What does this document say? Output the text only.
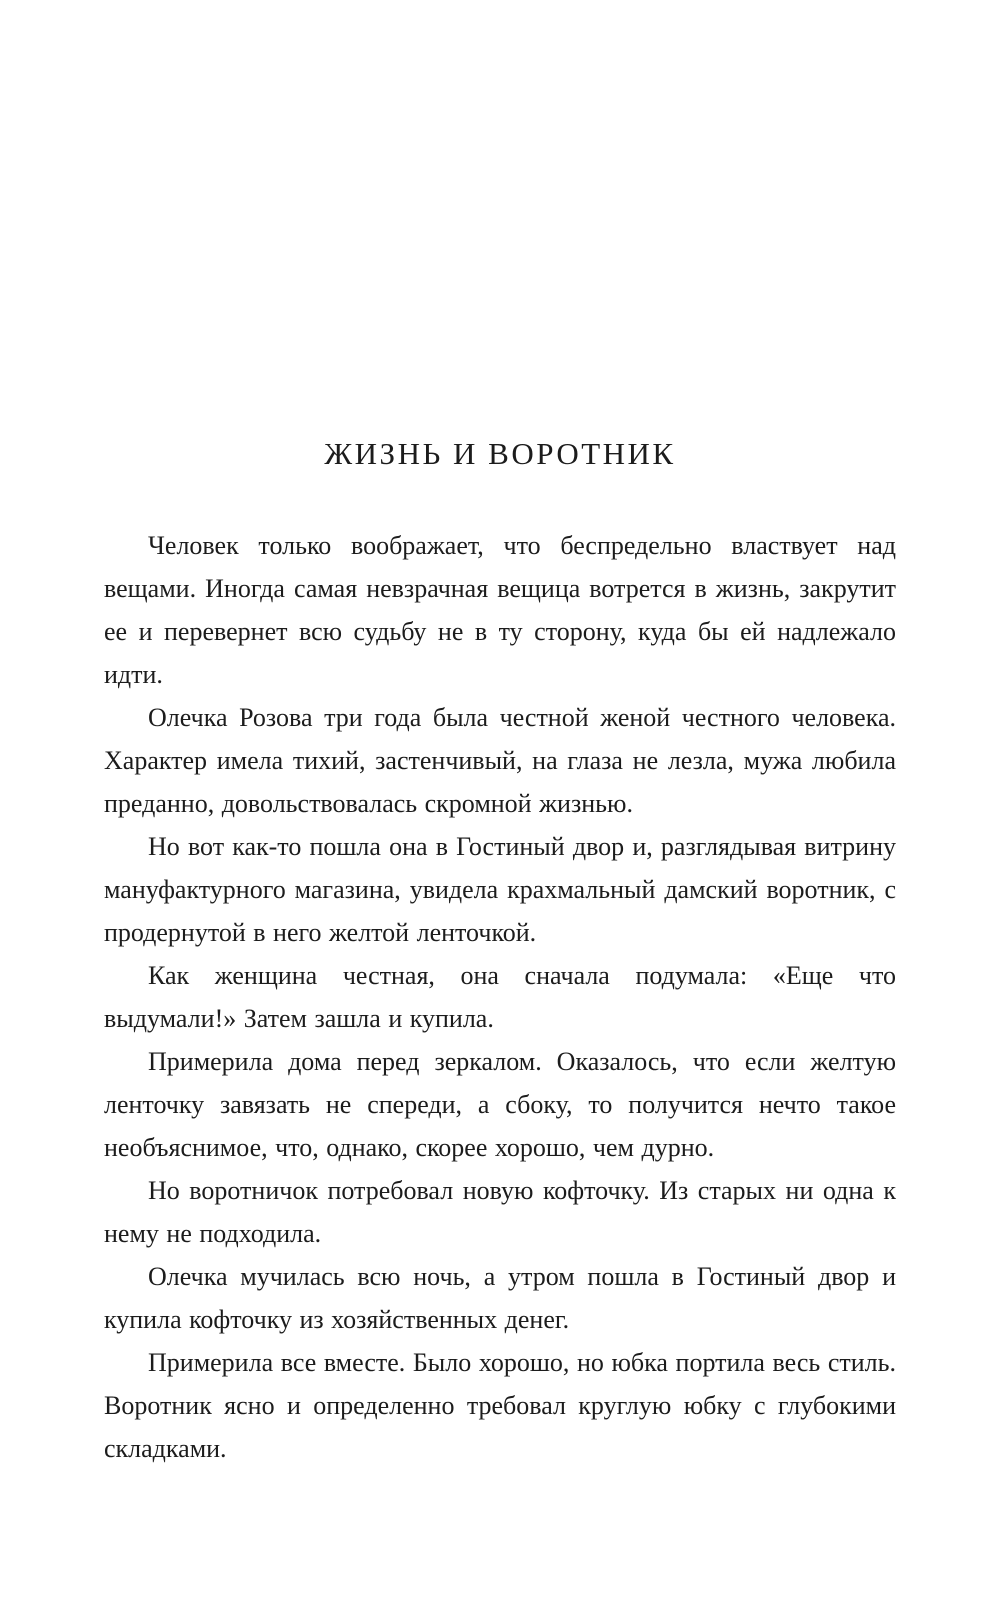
ЖИЗНЬ И ВОРОТНИК

Человек только воображает, что беспредельно властвует над вещами. Иногда самая невзрачная вещица вотрется в жизнь, закрутит ее и перевернет всю судьбу не в ту сторону, куда бы ей надлежало идти.

Олечка Розова три года была честной женой честного человека. Характер имела тихий, застенчивый, на глаза не лезла, мужа любила преданно, довольствовалась скромной жизнью.

Но вот как-то пошла она в Гостиный двор и, разглядывая витрину мануфактурного магазина, увидела крахмальный дамский воротник, с продернутой в него желтой ленточкой.

Как женщина честная, она сначала подумала: «Еще что выдумали!» Затем зашла и купила.

Примерила дома перед зеркалом. Оказалось, что если желтую ленточку завязать не спереди, а сбоку, то получится нечто такое необъяснимое, что, однако, скорее хорошо, чем дурно.

Но воротничок потребовал новую кофточку. Из старых ни одна к нему не подходила.

Олечка мучилась всю ночь, а утром пошла в Гостиный двор и купила кофточку из хозяйственных денег.

Примерила все вместе. Было хорошо, но юбка портила весь стиль. Воротник ясно и определенно требовал круглую юбку с глубокими складками.
